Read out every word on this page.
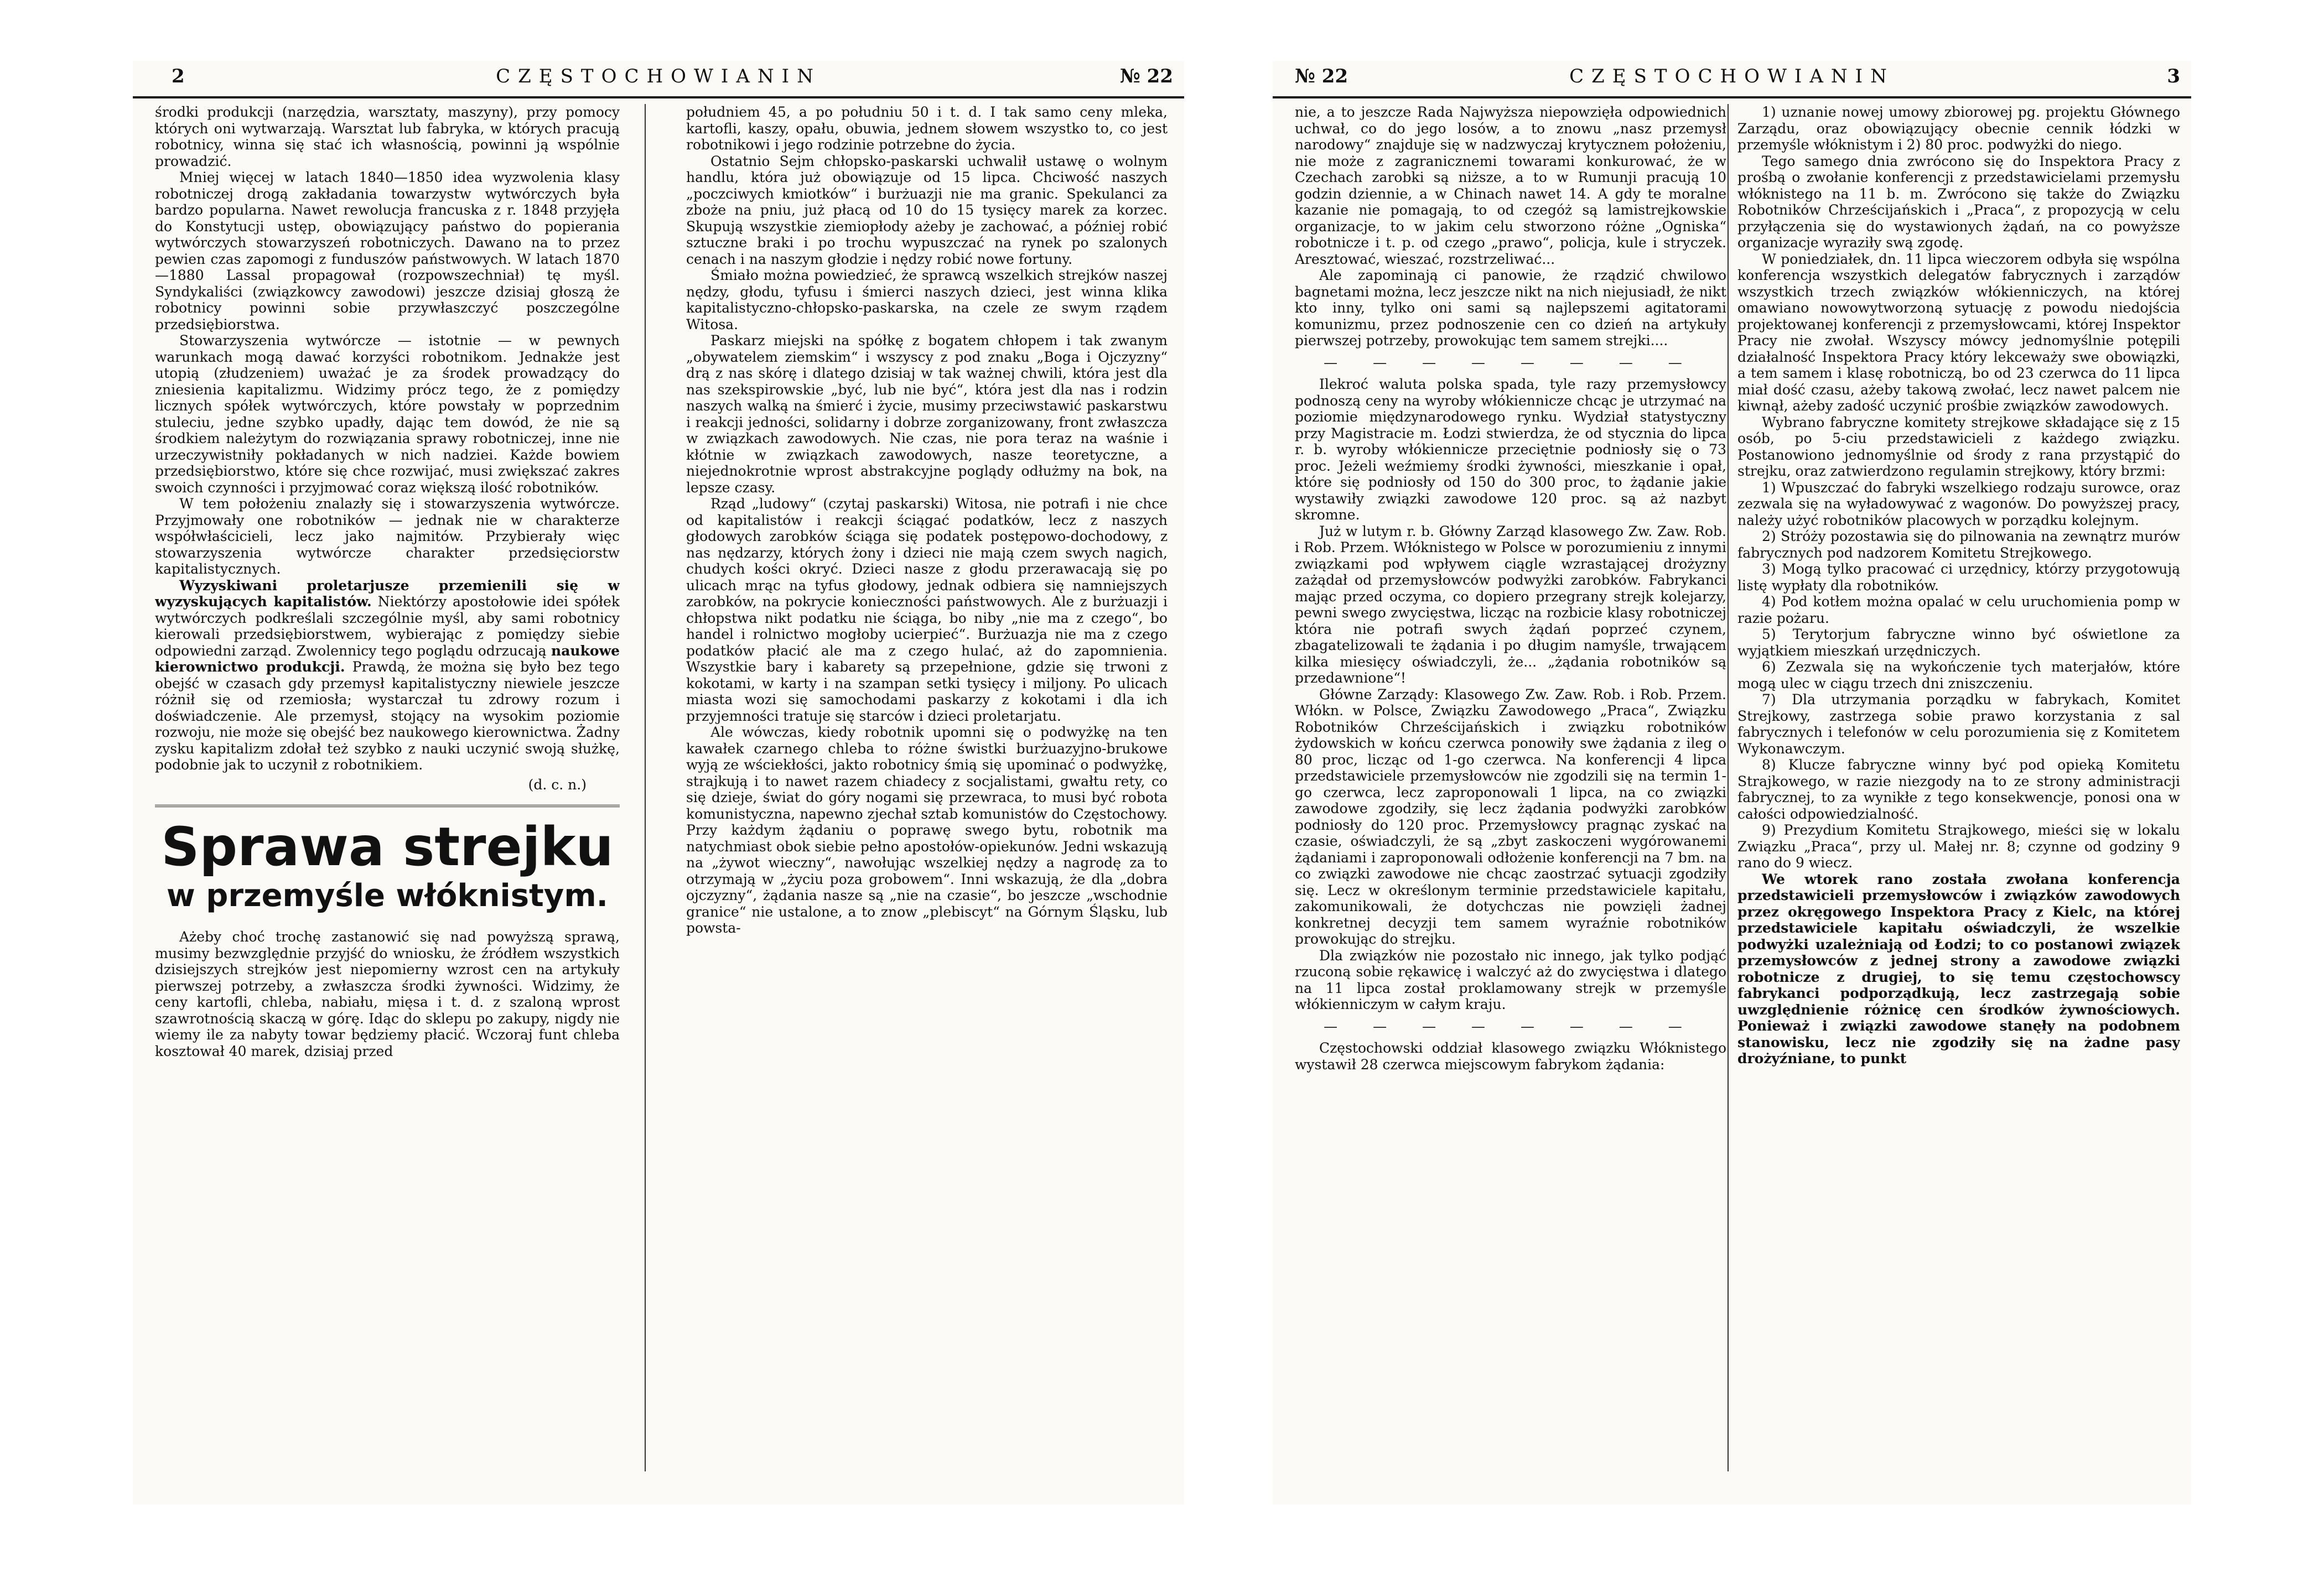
2	CZĘSTOCHOWIANIN	№ 22

środki produkcji (narzędzia, warsztaty, maszyny), przy pomocy których oni wytwarzają. Warsztat lub fabryka, w których pracują robotnicy, winna się stać ich własnością, powinni ją wspólnie prowadzić.

Mniej więcej w latach 1840—1850 idea wyzwolenia klasy robotniczej drogą zakładania towarzystw wytwórczych była bardzo popularna. Nawet rewolucja francuska z r. 1848 przyjęła do Konstytucji ustęp, obowiązujący państwo do popierania wytwórczych stowarzyszeń robotniczych. Dawano na to przez pewien czas zapomogi z funduszów państwowych. W latach 1870—1880 Lassal propagował (rozpowszechniał) tę myśl. Syndykaliści (związkowcy zawodowi) jeszcze dzisiaj głoszą że robotnicy powinni sobie przywłaszczyć poszczególne przedsiębiorstwa.

Stowarzyszenia wytwórcze — istotnie — w pewnych warunkach mogą dawać korzyści robotnikom. Jednakże jest utopią (złudzeniem) uważać je za środek prowadzący do zniesienia kapitalizmu. Widzimy prócz tego, że z pomiędzy licznych spółek wytwórczych, które powstały w poprzednim stuleciu, jedne szybko upadły, dając tem dowód, że nie są środkiem należytym do rozwiązania sprawy robotniczej, inne nie urzeczywistniły pokładanych w nich nadziei. Każde bowiem przedsiębiorstwo, które się chce rozwijać, musi zwiększać zakres swoich czynności i przyjmować coraz większą ilość robotników.

W tem położeniu znalazły się i stowarzyszenia wytwórcze. Przyjmowały one robotników — jednak nie w charakterze współwłaścicieli, lecz jako najmitów. Przybierały więc stowarzyszenia wytwórcze charakter przedsięciorstw kapitalistycznych.

Wyzyskiwani proletarjusze przemienili się w wyzyskujących kapitalistów. Niektórzy apostołowie idei spółek wytwórczych podkreślali szczególnie myśl, aby sami robotnicy kierowali przedsiębiorstwem, wybierając z pomiędzy siebie odpowiedni zarząd. Zwolennicy tego poglądu odrzucają naukowe kierownictwo produkcji. Prawdą, że można się było bez tego obejść w czasach gdy przemysł kapitalistyczny niewiele jeszcze różnił się od rzemiosła; wystarczał tu zdrowy rozum i doświadczenie. Ale przemysł, stojący na wysokim poziomie rozwoju, nie może się obejść bez naukowego kierownictwa. Żadny zysku kapitalizm zdołał też szybko z nauki uczynić swoją służkę, podobnie jak to uczynił z robotnikiem.

(d. c. n.)
Sprawa strejku
w przemyśle włóknistym.

Ażeby choć trochę zastanowić się nad powyższą sprawą, musimy bezwzględnie przyjść do wniosku, że źródłem wszystkich dzisiejszych strejków jest niepomierny wzrost cen na artykuły pierwszej potrzeby, a zwłaszcza środki żywności. Widzimy, że ceny kartofli, chleba, nabiału, mięsa i t. d. z szaloną wprost szawrotnością skaczą w górę. Idąc do sklepu po zakupy, nigdy nie wiemy ile za nabyty towar będziemy płacić. Wczoraj funt chleba kosztował 40 marek, dzisiaj przed

południem 45, a po południu 50 i t. d. I tak samo ceny mleka, kartofli, kaszy, opału, obuwia, jednem słowem wszystko to, co jest robotnikowi i jego rodzinie potrzebne do życia.

Ostatnio Sejm chłopsko-paskarski uchwalił ustawę o wolnym handlu, która już obowiązuje od 15 lipca. Chciwość naszych „poczciwych kmiotków“ i burżuazji nie ma granic. Spekulanci za zboże na pniu, już płacą od 10 do 15 tysięcy marek za korzec. Skupują wszystkie ziemiopłody ażeby je zachować, a później robić sztuczne braki i po trochu wypuszczać na rynek po szalonych cenach i na naszym głodzie i nędzy robić nowe fortuny.

Śmiało można powiedzieć, że sprawcą wszelkich strejków naszej nędzy, głodu, tyfusu i śmierci naszych dzieci, jest winna klika kapitalistyczno-chłopsko-paskarska, na czele ze swym rządem Witosa.

Paskarz miejski na spółkę z bogatem chłopem i tak zwanym „obywatelem ziemskim“ i wszyscy z pod znaku „Boga i Ojczyzny“ drą z nas skórę i dlatego dzisiaj w tak ważnej chwili, która jest dla nas szekspirowskie „być, lub nie być“, która jest dla nas i rodzin naszych walką na śmierć i życie, musimy przeciwstawić paskarstwu i reakcji jedności, solidarny i dobrze zorganizowany, front zwłaszcza w związkach zawodowych. Nie czas, nie pora teraz na waśnie i kłótnie w związkach zawodowych, nasze teoretyczne, a niejednokrotnie wprost abstrakcyjne poglądy odłużmy na bok, na lepsze czasy.

Rząd „ludowy“ (czytaj paskarski) Witosa, nie potrafi i nie chce od kapitalistów i reakcji ściągać podatków, lecz z naszych głodowych zarobków ściąga się podatek postępowo-dochodowy, z nas nędzarzy, których żony i dzieci nie mają czem swych nagich, chudych kości okryć. Dzieci nasze z głodu przerawacają się po ulicach mrąc na tyfus głodowy, jednak odbiera się namniejszych zarobków, na pokrycie konieczności państwowych. Ale z burżuazji i chłopstwa nikt podatku nie ściąga, bo niby „nie ma z czego“, bo handel i rolnictwo mogłoby ucierpieć“. Burżuazja nie ma z czego podatków płacić ale ma z czego hulać, aż do zapomnienia. Wszystkie bary i kabarety są przepełnione, gdzie się trwoni z kokotami, w karty i na szampan setki tysięcy i miljony. Po ulicach miasta wozi się samochodami paskarzy z kokotami i dla ich przyjemności tratuje się starców i dzieci proletarjatu.

Ale wówczas, kiedy robotnik upomni się o podwyżkę na ten kawałek czarnego chleba to różne świstki burżuazyjno-brukowe wyją ze wściekłości, jakto robotnicy śmią się upominać o podwyżkę, strajkują i to nawet razem chiadecy z socjalistami, gwałtu rety, co się dzieje, świat do góry nogami się przewraca, to musi być robota komunistyczna, napewno zjechał sztab komunistów do Częstochowy. Przy każdym żądaniu o poprawę swego bytu, robotnik ma natychmiast obok siebie pełno apostołów-opiekunów. Jedni wskazują na „żywot wieczny“, nawołując wszelkiej nędzy a nagrodę za to otrzymają w „życiu poza grobowem“. Inni wskazują, że dla „dobra ojczyzny“, żądania nasze są „nie na czasie“, bo jeszcze „wschodnie granice“ nie ustalone, a to znow „plebiscyt“ na Górnym Śląsku, lub powsta-

№ 22	CZĘSTOCHOWIANIN	3

nie, a to jeszcze Rada Najwyższa niepowzięła odpowiednich uchwał, co do jego losów, a to znowu „nasz przemysł narodowy“ znajduje się w nadzwyczaj krytycznem położeniu, nie może z zagranicznemi towarami konkurować, że w Czechach zarobki są niższe, a to w Rumunji pracują 10 godzin dziennie, a w Chinach nawet 14. A gdy te moralne kazanie nie pomagają, to od czegóż są lamistrejkowskie organizacje, to w jakim celu stworzono różne „Ogniska“ robotnicze i t. p. od czego „prawo“, policja, kule i stryczek. Aresztować, wieszać, rozstrzeliwać...

Ale zapominają ci panowie, że rządzić chwilowo bagnetami można, lecz jeszcze nikt na nich niejusiadł, że nikt kto inny, tylko oni sami są najlepszemi agitatorami komunizmu, przez podnoszenie cen co dzień na artykuły pierwszej potrzeby, prowokując tem samem strejki....

— — — — — — — —

Ilekroć waluta polska spada, tyle razy przemysłowcy podnoszą ceny na wyroby włókiennicze chcąc je utrzymać na poziomie międzynarodowego rynku. Wydział statystyczny przy Magistracie m. Łodzi stwierdza, że od stycznia do lipca r. b. wyroby włókiennicze przeciętnie podniosły się o 73 proc. Jeżeli weźmiemy środki żywności, mieszkanie i opał, które się podniosły od 150 do 300 proc, to żądanie jakie wystawiły związki zawodowe 120 proc. są aż nazbyt skromne.

Już w lutym r. b. Główny Zarząd klasowego Zw. Zaw. Rob. i Rob. Przem. Włóknistego w Polsce w porozumieniu z innymi związkami pod wpływem ciągle wzrastającej drożyzny zażądał od przemysłowców podwyżki zarobków. Fabrykanci mając przed oczyma, co dopiero przegrany strejk kolejarzy, pewni swego zwycięstwa, licząc na rozbicie klasy robotniczej która nie potrafi swych żądań poprzeć czynem, zbagatelizowali te żądania i po długim namyśle, trwającem kilka miesięcy oświadczyli, że... „żądania robotników są przedawnione“!

Główne Zarządy: Klasowego Zw. Zaw. Rob. i Rob. Przem. Włókn. w Polsce, Związku Zawodowego „Praca“, Związku Robotników Chrześcijańskich i związku robotników żydowskich w końcu czerwca ponowiły swe żądania z ileg o 80 proc, licząc od 1-go czerwca. Na konferencji 4 lipca przedstawiciele przemysłowców nie zgodzili się na termin 1-go czerwca, lecz zaproponowali 1 lipca, na co związki zawodowe zgodziły, się lecz żądania podwyżki zarobków podniosły do 120 proc. Przemysłowcy pragnąc zyskać na czasie, oświadczyli, że są „zbyt zaskoczeni wygórowanemi żądaniami i zaproponowali odłożenie konferencji na 7 bm. na co związki zawodowe nie chcąc zaostrzać sytuacji zgodziły się. Lecz w określonym terminie przedstawiciele kapitału, zakomunikowali, że dotychczas nie powzięli żadnej konkretnej decyzji tem samem wyraźnie robotników prowokując do strejku.

Dla związków nie pozostało nic innego, jak tylko podjąć rzuconą sobie rękawicę i walczyć aż do zwycięstwa i dlatego na 11 lipca został proklamowany strejk w przemyśle włókienniczym w całym kraju.

— — — — — — — —

Częstochowski oddział klasowego związku Włóknistego wystawił 28 czerwca miejscowym fabrykom żądania:

1) uznanie nowej umowy zbiorowej pg. projektu Głównego Zarządu, oraz obowiązujący obecnie cennik łódzki w przemyśle włóknistym i 2) 80 proc. podwyżki do niego.

Tego samego dnia zwrócono się do Inspektora Pracy z prośbą o zwołanie konferencji z przedstawicielami przemysłu włóknistego na 11 b. m. Zwrócono się także do Związku Robotników Chrześcijańskich i „Praca“, z propozycją w celu przyłączenia się do wystawionych żądań, na co powyższe organizacje wyraziły swą zgodę.

W poniedziałek, dn. 11 lipca wieczorem odbyła się wspólna konferencja wszystkich delegatów fabrycznych i zarządów wszystkich trzech związków włókienniczych, na której omawiano nowowytworzoną sytuację z powodu niedojścia projektowanej konferencji z przemysłowcami, której Inspektor Pracy nie zwołał. Wszyscy mówcy jednomyślnie potępili działalność Inspektora Pracy który lekceważy swe obowiązki, a tem samem i klasę robotniczą, bo od 23 czerwca do 11 lipca miał dość czasu, ażeby takową zwołać, lecz nawet palcem nie kiwnął, ażeby zadość uczynić prośbie związków zawodowych.

Wybrano fabryczne komitety strejkowe składające się z 15 osób, po 5-ciu przedstawicieli z każdego związku. Postanowiono jednomyślnie od środy z rana przystąpić do strejku, oraz zatwierdzono regulamin strejkowy, który brzmi:

1) Wpuszczać do fabryki wszelkiego rodzaju surowce, oraz zezwala się na wyładowywać z wagonów. Do powyższej pracy, należy użyć robotników placowych w porządku kolejnym.

2) Stróży pozostawia się do pilnowania na zewnątrz murów fabrycznych pod nadzorem Komitetu Strejkowego.

3) Mogą tylko pracować ci urzędnicy, którzy przygotowują listę wypłaty dla robotników.

4) Pod kotłem można opalać w celu uruchomienia pomp w razie pożaru.

5) Terytorjum fabryczne winno być oświetlone za wyjątkiem mieszkań urzędniczych.

6) Zezwala się na wykończenie tych materjałów, które mogą ulec w ciągu trzech dni zniszczeniu.

7) Dla utrzymania porządku w fabrykach, Komitet Strejkowy, zastrzega sobie prawo korzystania z sal fabrycznych i telefonów w celu porozumienia się z Komitetem Wykonawczym.

8) Klucze fabryczne winny być pod opieką Komitetu Strajkowego, w razie niezgody na to ze strony administracji fabrycznej, to za wynikłe z tego konsekwencje, ponosi ona w całości odpowiedzialność.

9) Prezydium Komitetu Strajkowego, mieści się w lokalu Związku „Praca“, przy ul. Małej nr. 8; czynne od godziny 9 rano do 9 wiecz.

We wtorek rano została zwołana konferencja przedstawicieli przemysłowców i związków zawodowych przez okręgowego Inspektora Pracy z Kielc, na której przedstawiciele kapitału oświadczyli, że wszelkie podwyżki uzależniają od Łodzi; to co postanowi związek przemysłowców z jednej strony a zawodowe związki robotnicze z drugiej, to się temu częstochowscy fabrykanci podporządkują, lecz zastrzegają sobie uwzględnienie różnicę cen środków żywnościowych. Ponieważ i związki zawodowe stanęły na podobnem stanowisku, lecz nie zgodziły się na żadne pasy drożyźniane, to punkt
